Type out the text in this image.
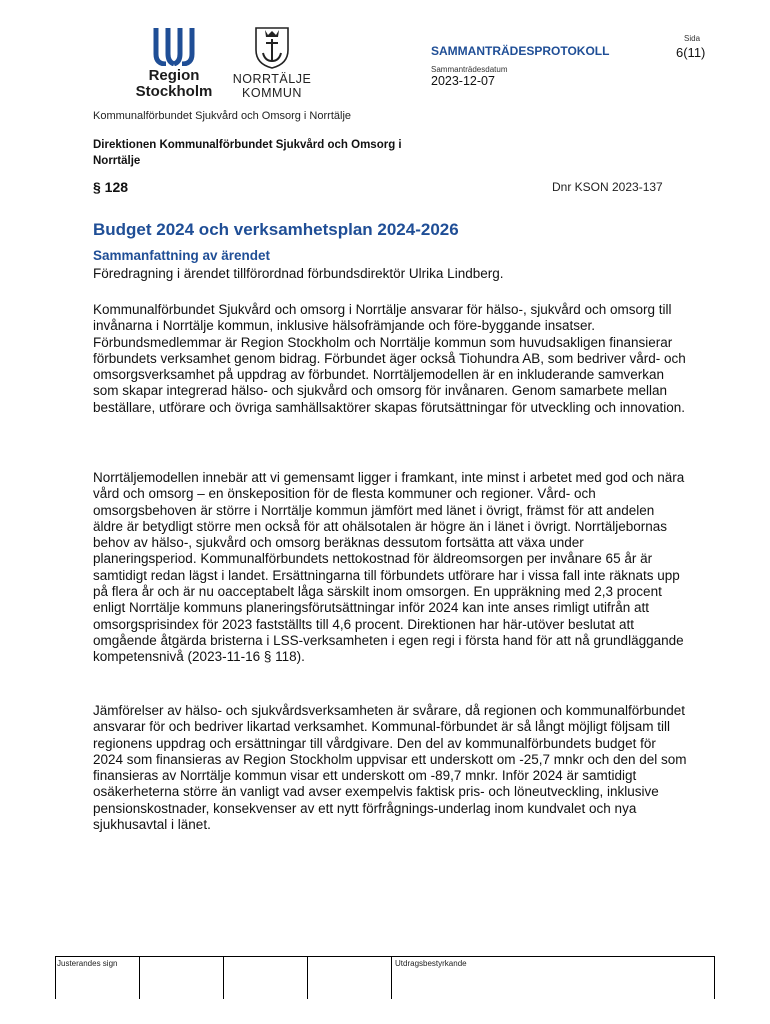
Region
Stockholm
NORRTÄLJE
KOMMUN
SAMMANTRÄDESPROTOKOLL
Sida
6(11)
Sammanträdesdatum
2023-12-07
Kommunalförbundet Sjukvård och Omsorg i Norrtälje
Direktionen Kommunalförbundet Sjukvård och Omsorg i Norrtälje
§ 128	Dnr KSON 2023-137
Budget 2024 och verksamhetsplan 2024-2026
Sammanfattning av ärendet
Föredragning i ärendet tillförordnad förbundsdirektör Ulrika Lindberg.

Kommunalförbundet Sjukvård och omsorg i Norrtälje ansvarar för hälso-, sjukvård och omsorg till invånarna i Norrtälje kommun, inklusive hälsofrämjande och före-byggande insatser. Förbundsmedlemmar är Region Stockholm och Norrtälje kommun som huvudsakligen finansierar förbundets verksamhet genom bidrag. Förbundet äger också Tiohundra AB, som bedriver vård- och omsorgsverksamhet på uppdrag av förbundet. Norrtäljemodellen är en inkluderande samverkan som skapar integrerad hälso- och sjukvård och omsorg för invånaren. Genom samarbete mellan beställare, utförare och övriga samhällsaktörer skapas förutsättningar för utveckling och innovation.

Norrtäljemodellen innebär att vi gemensamt ligger i framkant, inte minst i arbetet med god och nära vård och omsorg – en önskeposition för de flesta kommuner och regioner. Vård- och omsorgsbehoven är större i Norrtälje kommun jämfört med länet i övrigt, främst för att andelen äldre är betydligt större men också för att ohälsotalen är högre än i länet i övrigt. Norrtäljebornas behov av hälso-, sjukvård och omsorg beräknas dessutom fortsätta att växa under planeringsperiod. Kommunalförbundets nettokostnad för äldreomsorgen per invånare 65 år är samtidigt redan lägst i landet. Ersättningarna till förbundets utförare har i vissa fall inte räknats upp på flera år och är nu oacceptabelt låga särskilt inom omsorgen. En uppräkning med 2,3 procent enligt Norrtälje kommuns planeringsförutsättningar inför 2024 kan inte anses rimligt utifrån att omsorgsprisindex för 2023 fastställts till 4,6 procent. Direktionen har här-utöver beslutat att omgående åtgärda bristerna i LSS-verksamheten i egen regi i första hand för att nå grundläggande kompetensnivå (2023-11-16 § 118).

Jämförelser av hälso- och sjukvårdsverksamheten är svårare, då regionen och kommunalförbundet ansvarar för och bedriver likartad verksamhet. Kommunal-förbundet är så långt möjligt följsam till regionens uppdrag och ersättningar till vårdgivare. Den del av kommunalförbundets budget för 2024 som finansieras av Region Stockholm uppvisar ett underskott om -25,7 mnkr och den del som finansieras av Norrtälje kommun visar ett underskott om -89,7 mnkr. Inför 2024 är samtidigt osäkerheterna större än vanligt vad avser exempelvis faktisk pris- och löneutveckling, inklusive pensionskostnader, konsekvenser av ett nytt förfrågnings-underlag inom kundvalet och nya sjukhusavtal i länet.

Justerandes sign	Utdragsbestyrkande
